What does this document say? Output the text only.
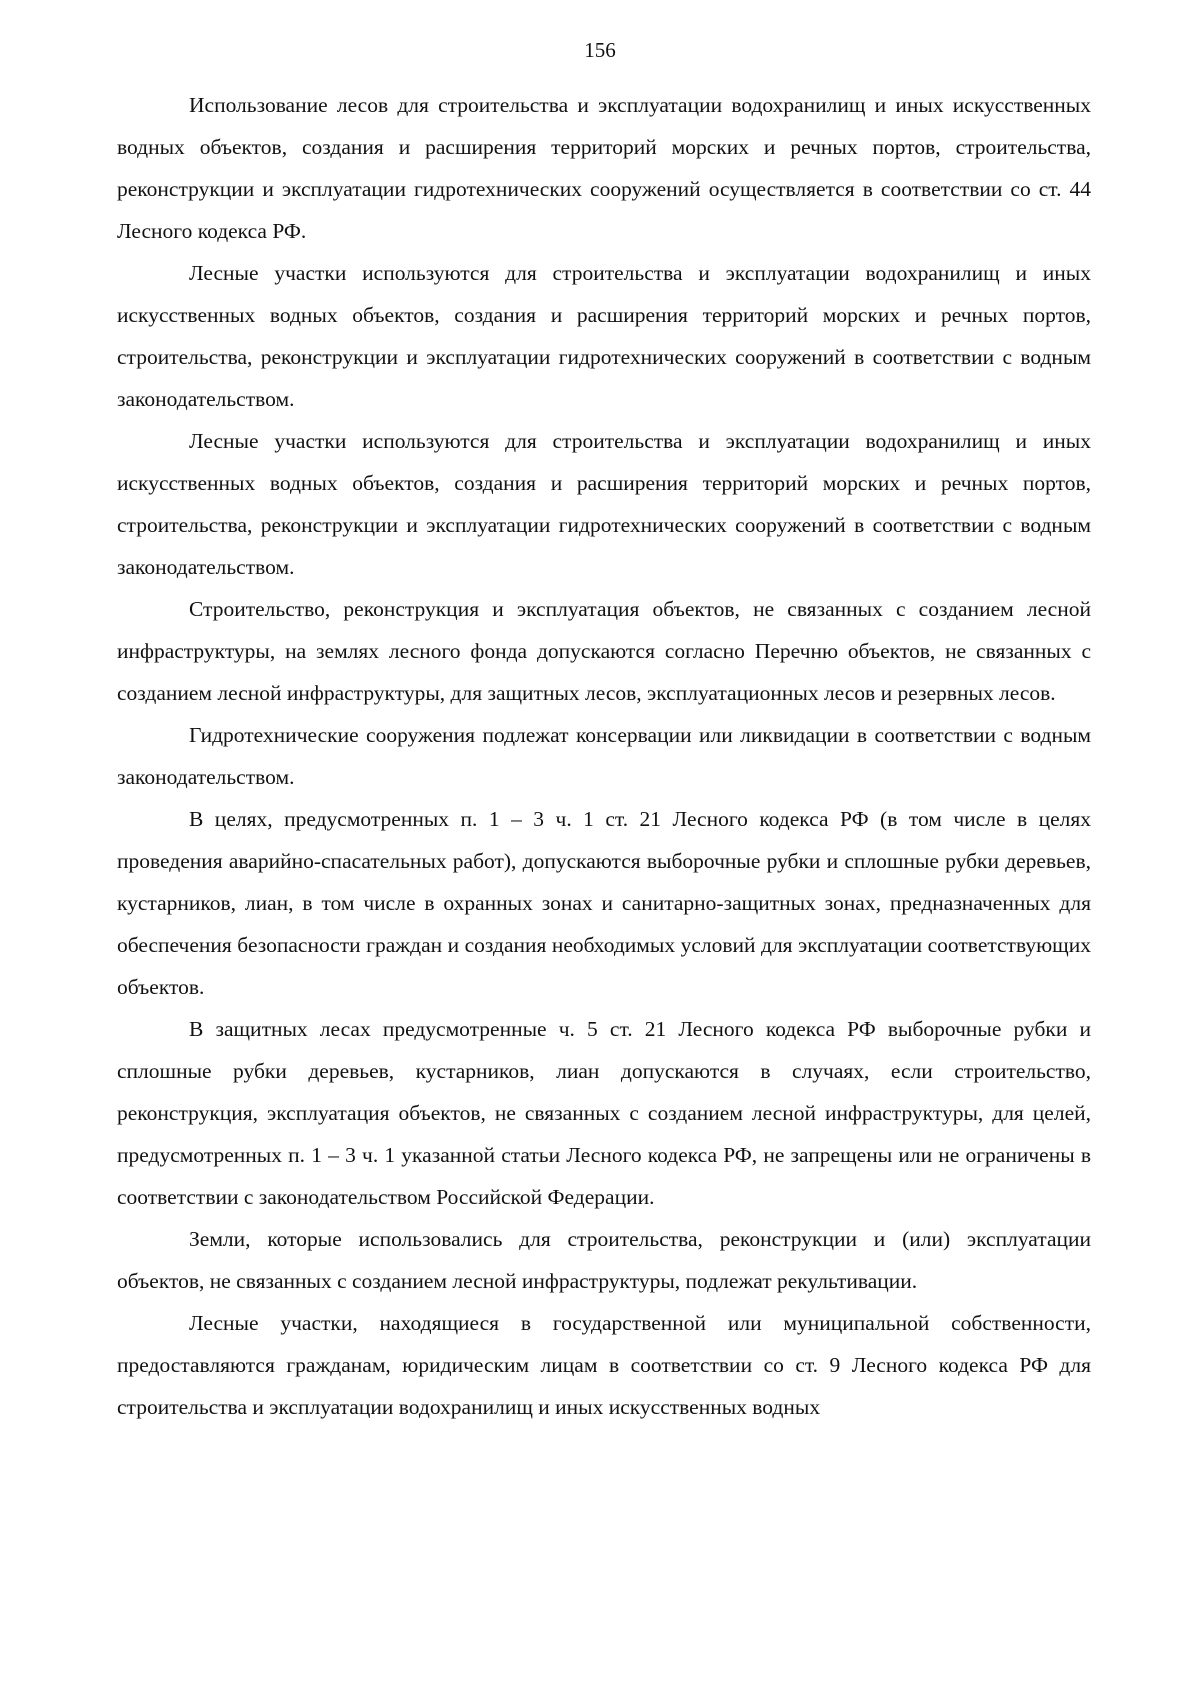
156

Использование лесов для строительства и эксплуатации водохранилищ и иных искусственных водных объектов, создания и расширения территорий морских и речных портов, строительства, реконструкции и эксплуатации гидротехнических сооружений осуществляется в соответствии со ст. 44 Лесного кодекса РФ.

Лесные участки используются для строительства и эксплуатации водохранилищ и иных искусственных водных объектов, создания и расширения территорий морских и речных портов, строительства, реконструкции и эксплуатации гидротехнических сооружений в соответствии с водным законодательством.

Лесные участки используются для строительства и эксплуатации водохранилищ и иных искусственных водных объектов, создания и расширения территорий морских и речных портов, строительства, реконструкции и эксплуатации гидротехнических сооружений в соответствии с водным законодательством.

Строительство, реконструкция и эксплуатация объектов, не связанных с созданием лесной инфраструктуры, на землях лесного фонда допускаются согласно Перечню объектов, не связанных с созданием лесной инфраструктуры, для защитных лесов, эксплуатационных лесов и резервных лесов.

Гидротехнические сооружения подлежат консервации или ликвидации в соответствии с водным законодательством.

В целях, предусмотренных п. 1 – 3 ч. 1 ст. 21 Лесного кодекса РФ (в том числе в целях проведения аварийно-спасательных работ), допускаются выборочные рубки и сплошные рубки деревьев, кустарников, лиан, в том числе в охранных зонах и санитарно-защитных зонах, предназначенных для обеспечения безопасности граждан и создания необходимых условий для эксплуатации соответствующих объектов.

В защитных лесах предусмотренные ч. 5 ст. 21 Лесного кодекса РФ выборочные рубки и сплошные рубки деревьев, кустарников, лиан допускаются в случаях, если строительство, реконструкция, эксплуатация объектов, не связанных с созданием лесной инфраструктуры, для целей, предусмотренных п. 1 – 3 ч. 1 указанной статьи Лесного кодекса РФ, не запрещены или не ограничены в соответствии с законодательством Российской Федерации.

Земли, которые использовались для строительства, реконструкции и (или) эксплуатации объектов, не связанных с созданием лесной инфраструктуры, подлежат рекультивации.

Лесные участки, находящиеся в государственной или муниципальной собственности, предоставляются гражданам, юридическим лицам в соответствии со ст. 9 Лесного кодекса РФ для строительства и эксплуатации водохранилищ и иных искусственных водных
